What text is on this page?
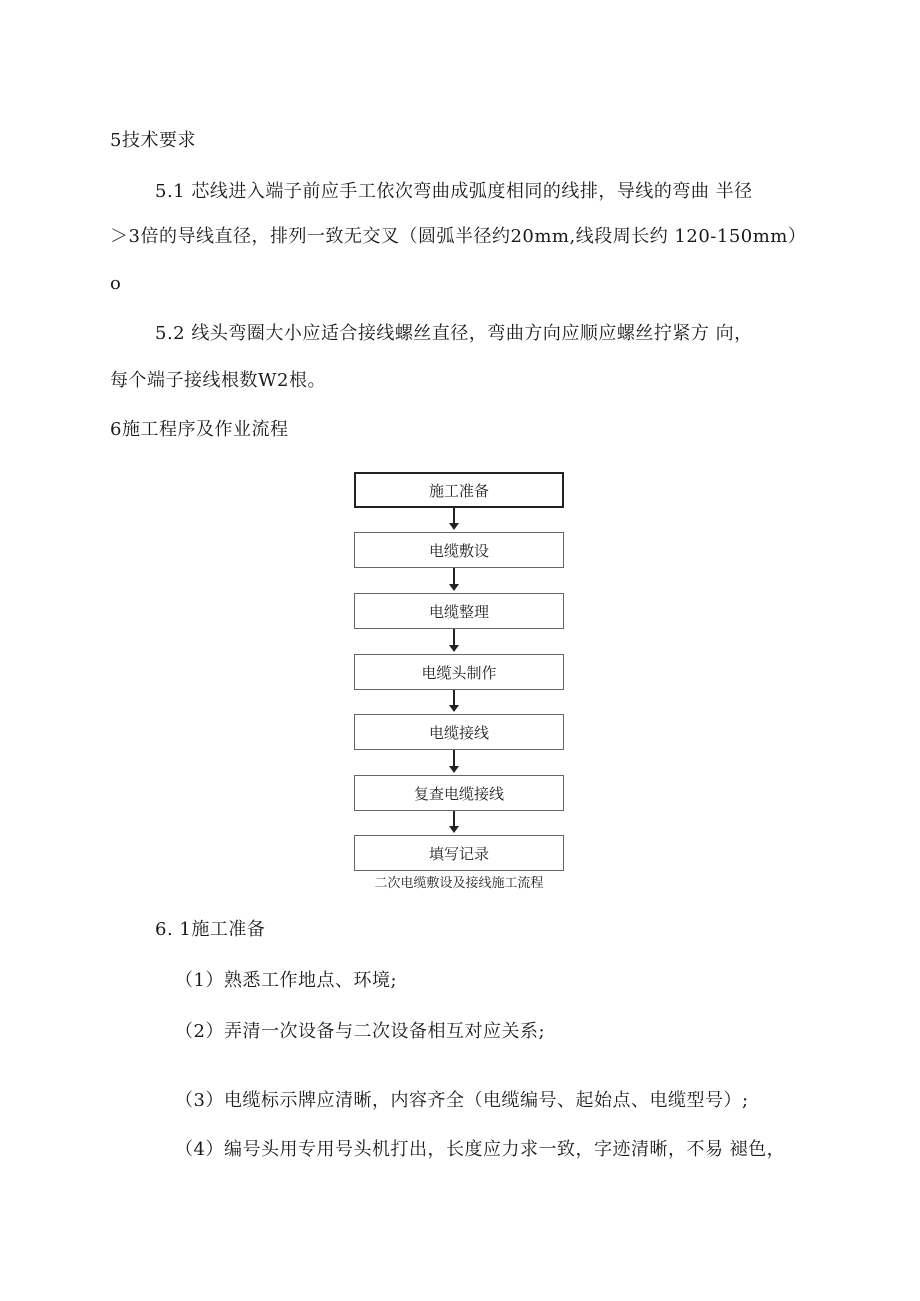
5技术要求
5.1 芯线进入端子前应手工依次弯曲成弧度相同的线排，导线的弯曲 半径
＞3倍的导线直径，排列一致无交叉（圆弧半径约20mm,线段周长约 120-150mm）
o
5.2 线头弯圈大小应适合接线螺丝直径，弯曲方向应顺应螺丝拧紧方 向，
每个端子接线根数W2根。
6施工程序及作业流程
施工准备
电缆敷设
电缆整理
电缆头制作
电缆接线
复查电缆接线
填写记录
二次电缆敷设及接线施工流程
6. 1施工准备
（1）熟悉工作地点、环境;
（2）弄清一次设备与二次设备相互对应关系;
（3）电缆标示牌应清晰，内容齐全（电缆编号、起始点、电缆型号）;
（4）编号头用专用号头机打出，长度应力求一致，字迹清晰，不易 褪色，
